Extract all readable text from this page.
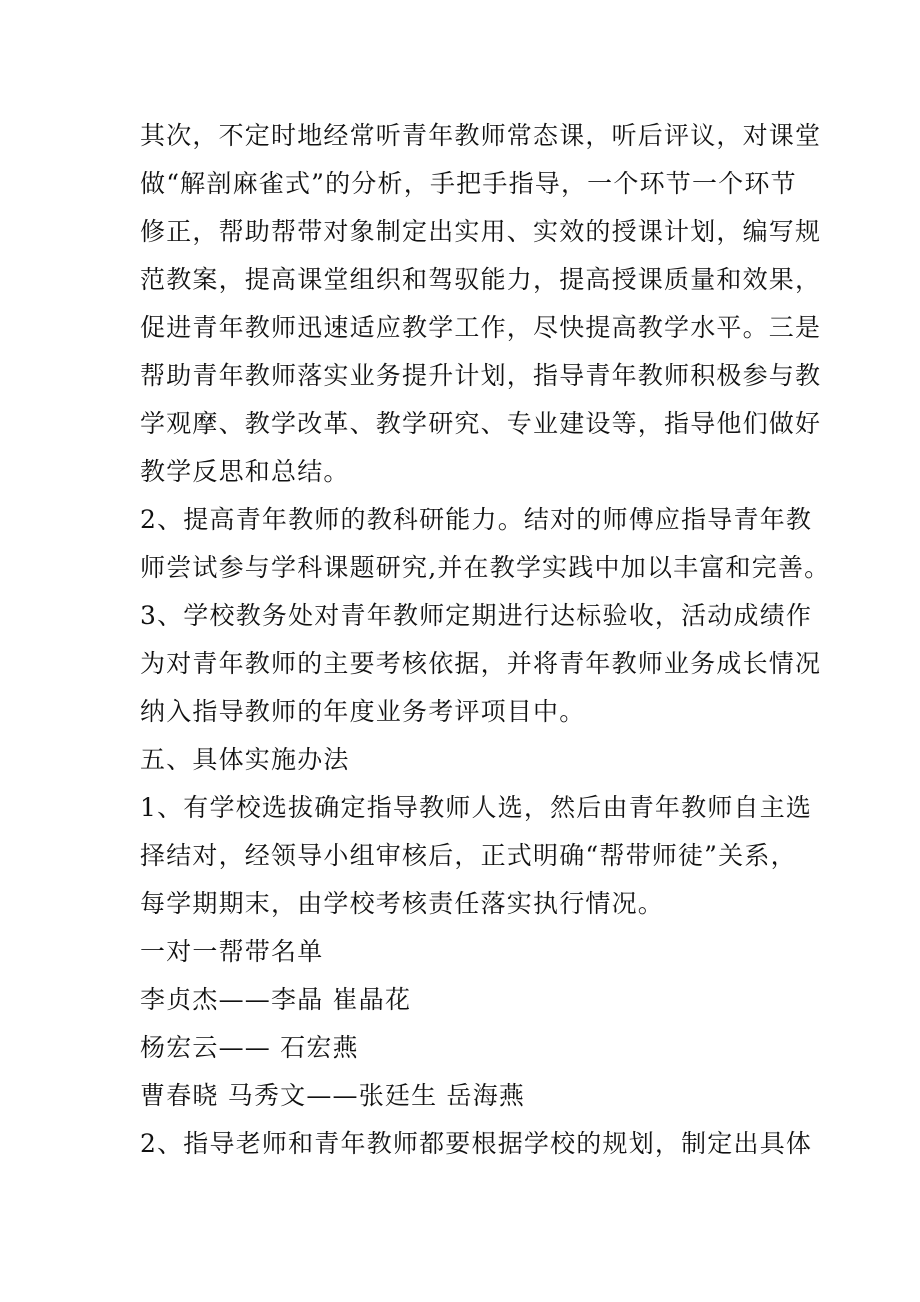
其次，不定时地经常听青年教师常态课，听后评议，对课堂
做“解剖麻雀式”的分析，手把手指导，一个环节一个环节
修正，帮助帮带对象制定出实用、实效的授课计划，编写规
范教案，提高课堂组织和驾驭能力，提高授课质量和效果，
促进青年教师迅速适应教学工作，尽快提高教学水平。三是
帮助青年教师落实业务提升计划，指导青年教师积极参与教
学观摩、教学改革、教学研究、专业建设等，指导他们做好
教学反思和总结。
2、提高青年教师的教科研能力。结对的师傅应指导青年教
师尝试参与学科课题研究,并在教学实践中加以丰富和完善。
3、学校教务处对青年教师定期进行达标验收，活动成绩作
为对青年教师的主要考核依据，并将青年教师业务成长情况
纳入指导教师的年度业务考评项目中。
五、具体实施办法
1、有学校选拔确定指导教师人选，然后由青年教师自主选
择结对，经领导小组审核后，正式明确“帮带师徒”关系，
每学期期末，由学校考核责任落实执行情况。
一对一帮带名单
李贞杰——李晶 崔晶花
杨宏云—— 石宏燕
曹春晓 马秀文——张廷生 岳海燕
2、指导老师和青年教师都要根据学校的规划，制定出具体
